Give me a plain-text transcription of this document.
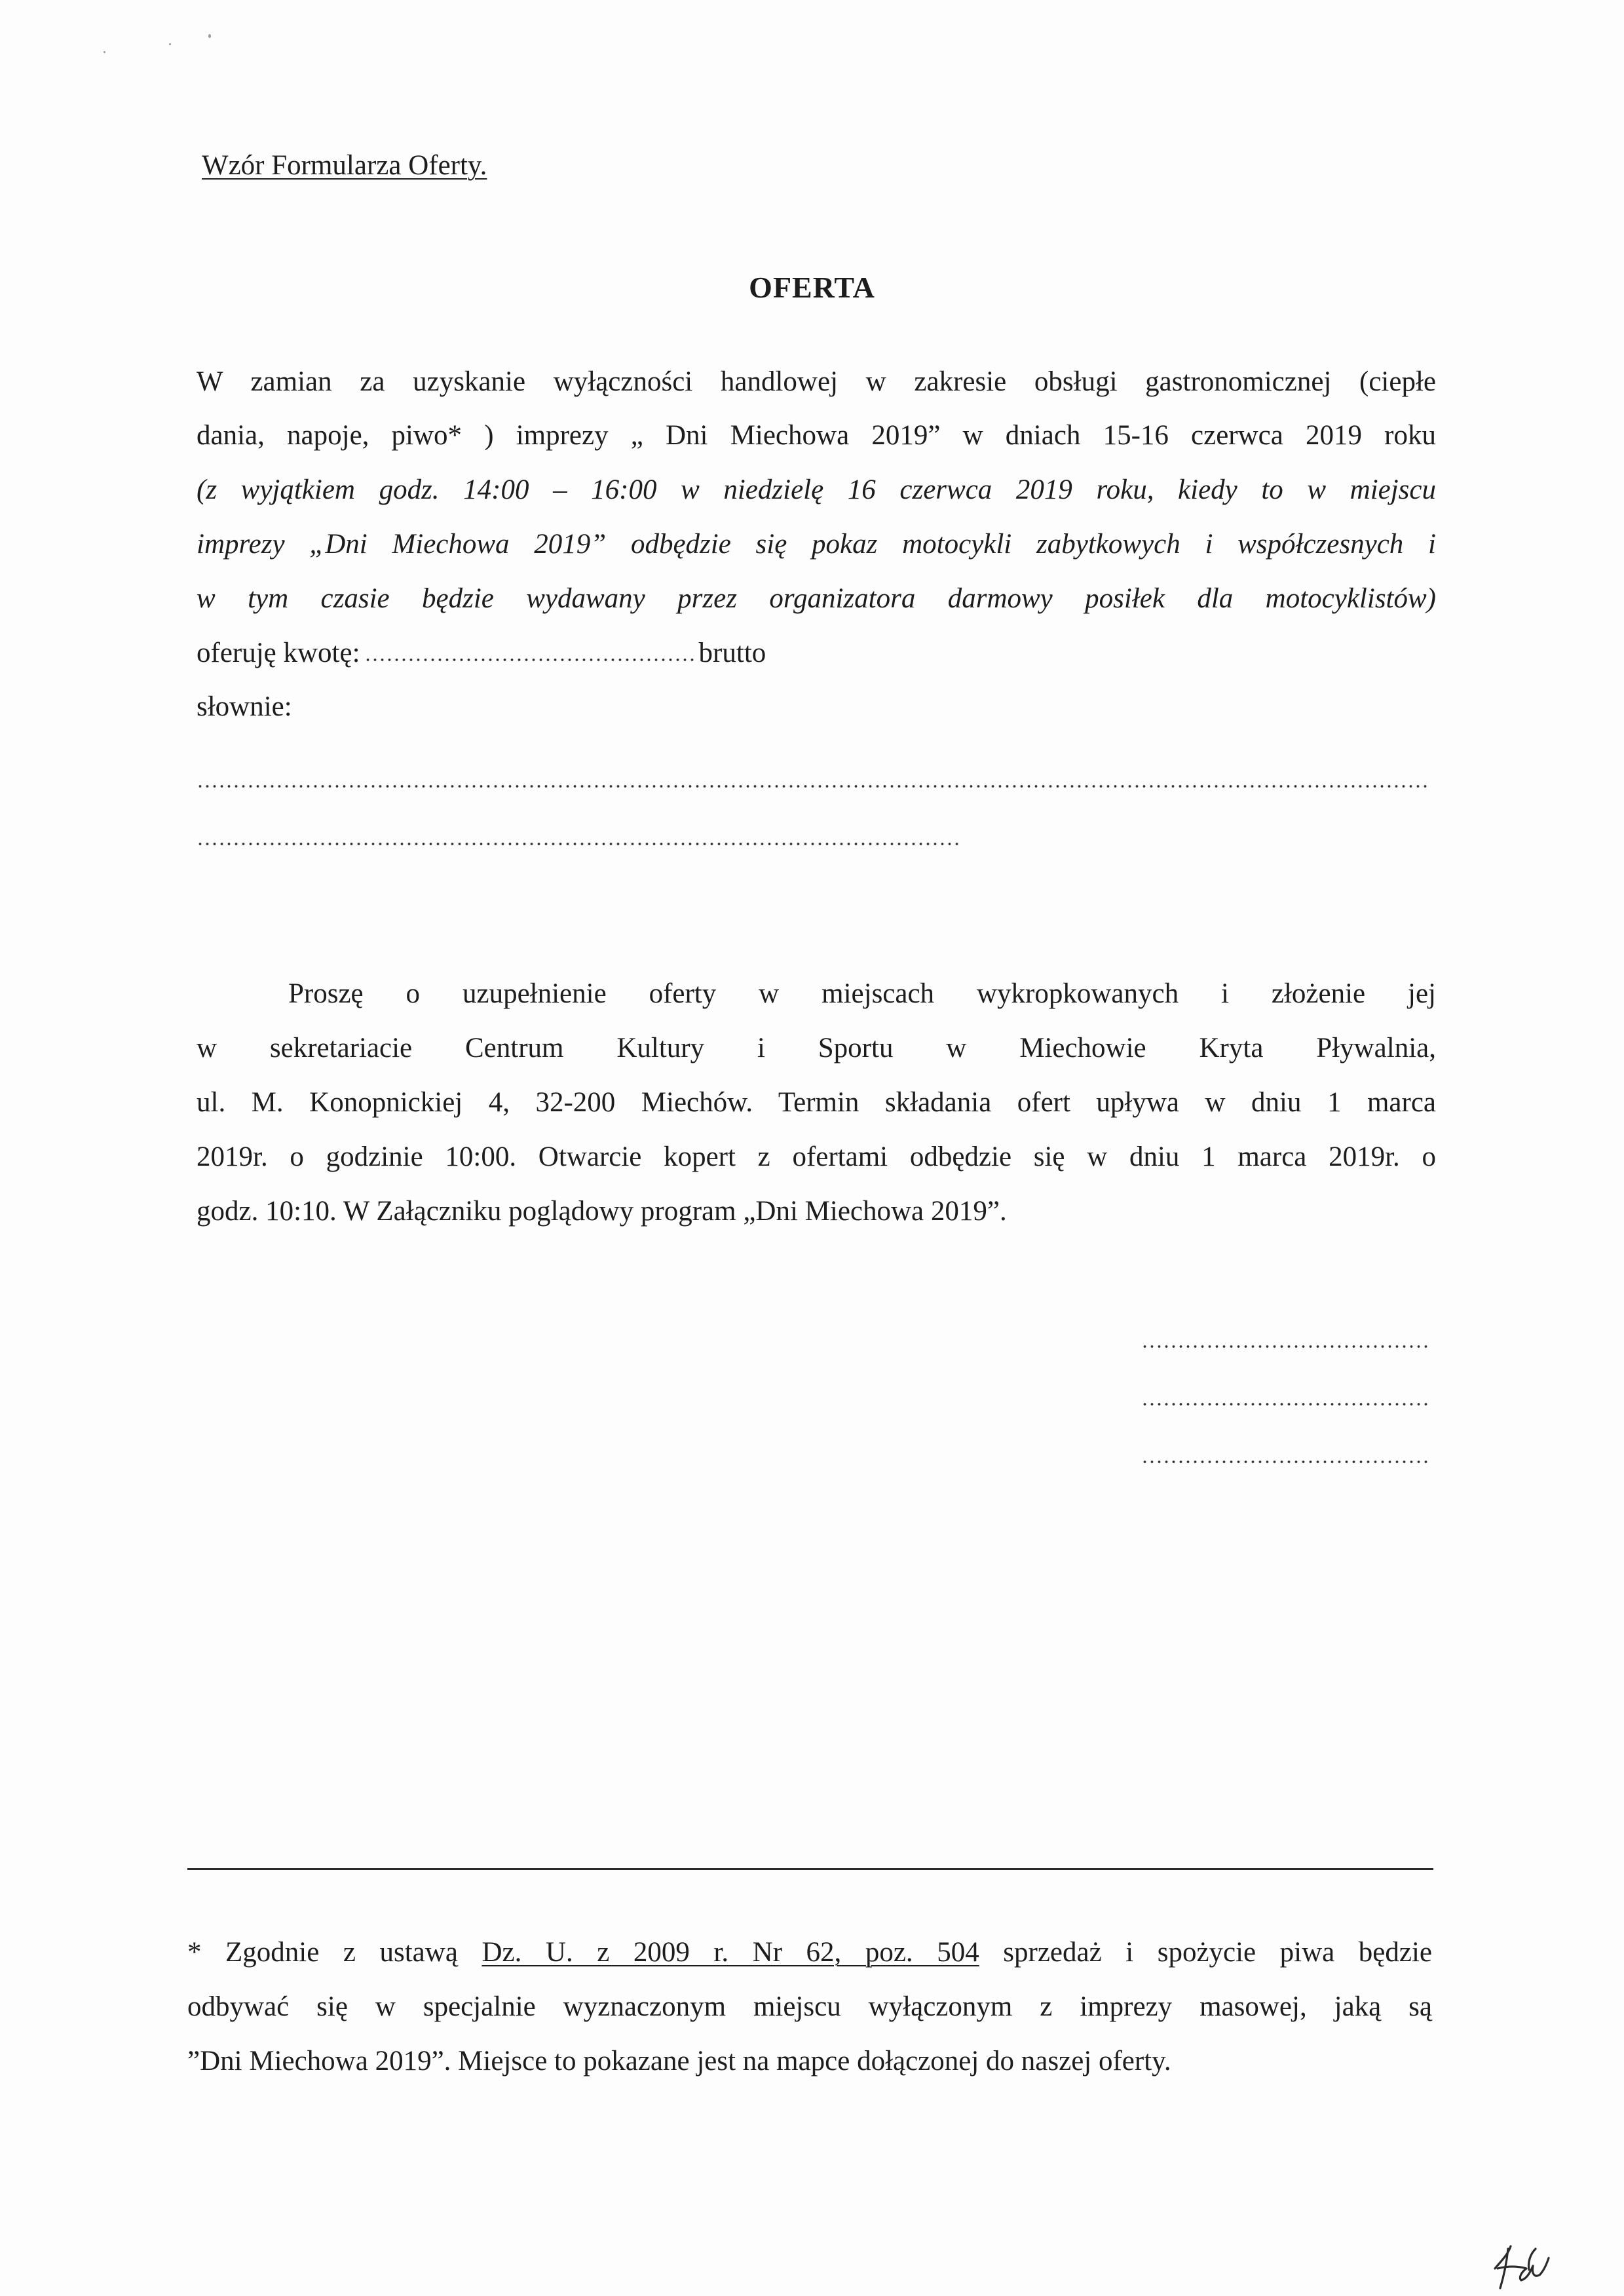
Wzór Formularza Oferty.
OFERTA
W zamian za uzyskanie wyłączności handlowej w zakresie obsługi gastronomicznej (ciepłe
dania, napoje, piwo* ) imprezy „ Dni Miechowa 2019” w dniach 15-16 czerwca 2019 roku
(z wyjątkiem godz. 14:00 – 16:00 w niedzielę 16 czerwca 2019 roku, kiedy to w miejscu
imprezy „Dni Miechowa 2019” odbędzie się pokaz motocykli zabytkowych i współczesnych i
w tym czasie będzie wydawany przez organizatora darmowy posiłek dla motocyklistów)
oferuję kwotę:	brutto
słownie:
Proszę o uzupełnienie oferty w miejscach wykropkowanych i złożenie jej
w sekretariacie Centrum Kultury i Sportu w Miechowie Kryta Pływalnia,
ul. M. Konopnickiej 4, 32-200 Miechów. Termin składania ofert upływa w dniu 1 marca
2019r. o godzinie 10:00. Otwarcie kopert z ofertami odbędzie się w dniu 1 marca 2019r. o
godz. 10:10. W Załączniku poglądowy program „Dni Miechowa 2019”.
* Zgodnie z ustawą Dz. U. z 2009 r. Nr 62, poz. 504 sprzedaż i spożycie piwa będzie
odbywać się w specjalnie wyznaczonym miejscu wyłączonym z imprezy masowej, jaką są
”Dni Miechowa 2019”. Miejsce to pokazane jest na mapce dołączonej do naszej oferty.
